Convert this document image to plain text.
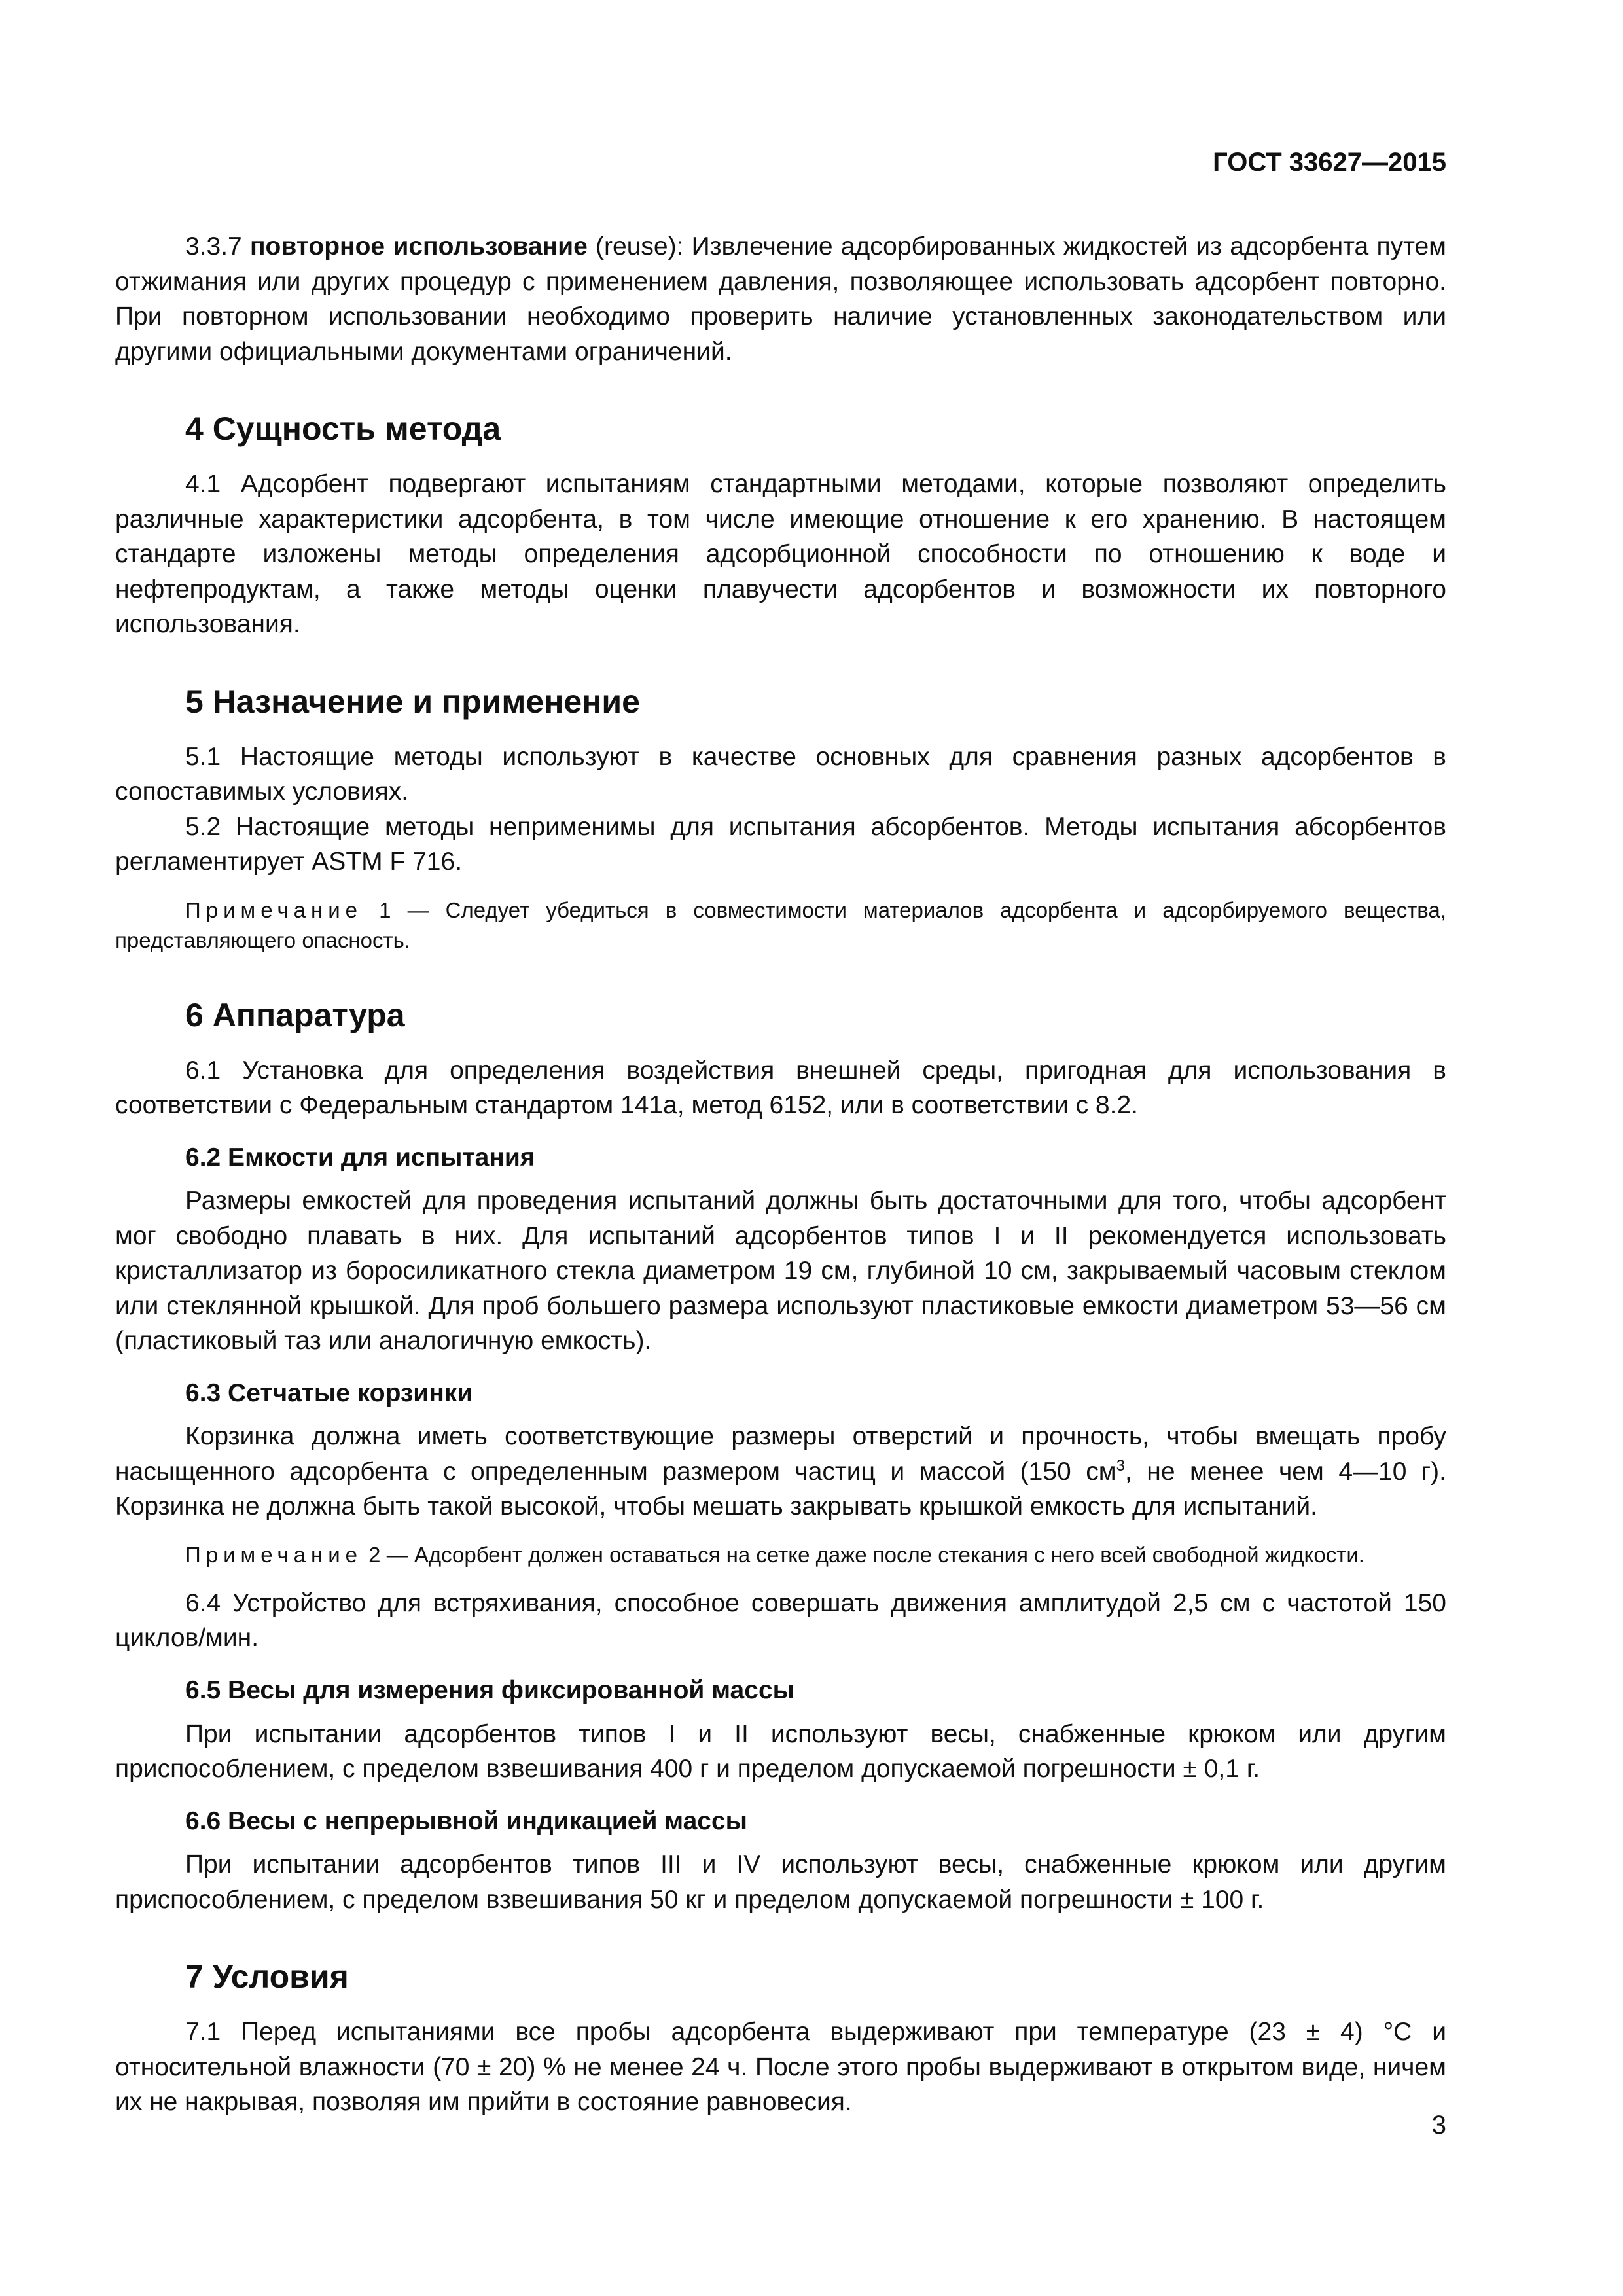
ГОСТ 33627—2015

3.3.7 повторное использование (reuse): Извлечение адсорбированных жидкостей из адсорбента путем отжимания или других процедур с применением давления, позволяющее использовать адсорбент повторно. При повторном использовании необходимо проверить наличие установленных законодательством или другими официальными документами ограничений.

4 Сущность метода

4.1 Адсорбент подвергают испытаниям стандартными методами, которые позволяют определить различные характеристики адсорбента, в том числе имеющие отношение к его хранению. В настоящем стандарте изложены методы определения адсорбционной способности по отношению к воде и нефтепродуктам, а также методы оценки плавучести адсорбентов и возможности их повторного использования.

5 Назначение и применение

5.1 Настоящие методы используют в качестве основных для сравнения разных адсорбентов в сопоставимых условиях.

5.2 Настоящие методы неприменимы для испытания абсорбентов. Методы испытания абсорбентов регламентирует ASTM F 716.

Примечание 1 — Следует убедиться в совместимости материалов адсорбента и адсорбируемого вещества, представляющего опасность.

6 Аппаратура

6.1 Установка для определения воздействия внешней среды, пригодная для использования в соответствии с Федеральным стандартом 141а, метод 6152, или в соответствии с 8.2.

6.2 Емкости для испытания

Размеры емкостей для проведения испытаний должны быть достаточными для того, чтобы адсорбент мог свободно плавать в них. Для испытаний адсорбентов типов I и II рекомендуется использовать кристаллизатор из боросиликатного стекла диаметром 19 см, глубиной 10 см, закрываемый часовым стеклом или стеклянной крышкой. Для проб большего размера используют пластиковые емкости диаметром 53—56 см (пластиковый таз или аналогичную емкость).

6.3 Сетчатые корзинки

Корзинка должна иметь соответствующие размеры отверстий и прочность, чтобы вмещать пробу насыщенного адсорбента с определенным размером частиц и массой (150 $см^3$, не менее чем 4—10 г). Корзинка не должна быть такой высокой, чтобы мешать закрывать крышкой емкость для испытаний.

Примечание 2 — Адсорбент должен оставаться на сетке даже после стекания с него всей свободной жидкости.

6.4 Устройство для встряхивания, способное совершать движения амплитудой 2,5 см с частотой 150 циклов/мин.

6.5 Весы для измерения фиксированной массы

При испытании адсорбентов типов I и II используют весы, снабженные крюком или другим приспособлением, с пределом взвешивания 400 г и пределом допускаемой погрешности ± 0,1 г.

6.6 Весы с непрерывной индикацией массы

При испытании адсорбентов типов III и IV используют весы, снабженные крюком или другим приспособлением, с пределом взвешивания 50 кг и пределом допускаемой погрешности ± 100 г.

7 Условия

7.1 Перед испытаниями все пробы адсорбента выдерживают при температуре (23 ± 4) °С и относительной влажности (70 ± 20) % не менее 24 ч. После этого пробы выдерживают в открытом виде, ничем их не накрывая, позволяя им прийти в состояние равновесия.

3
